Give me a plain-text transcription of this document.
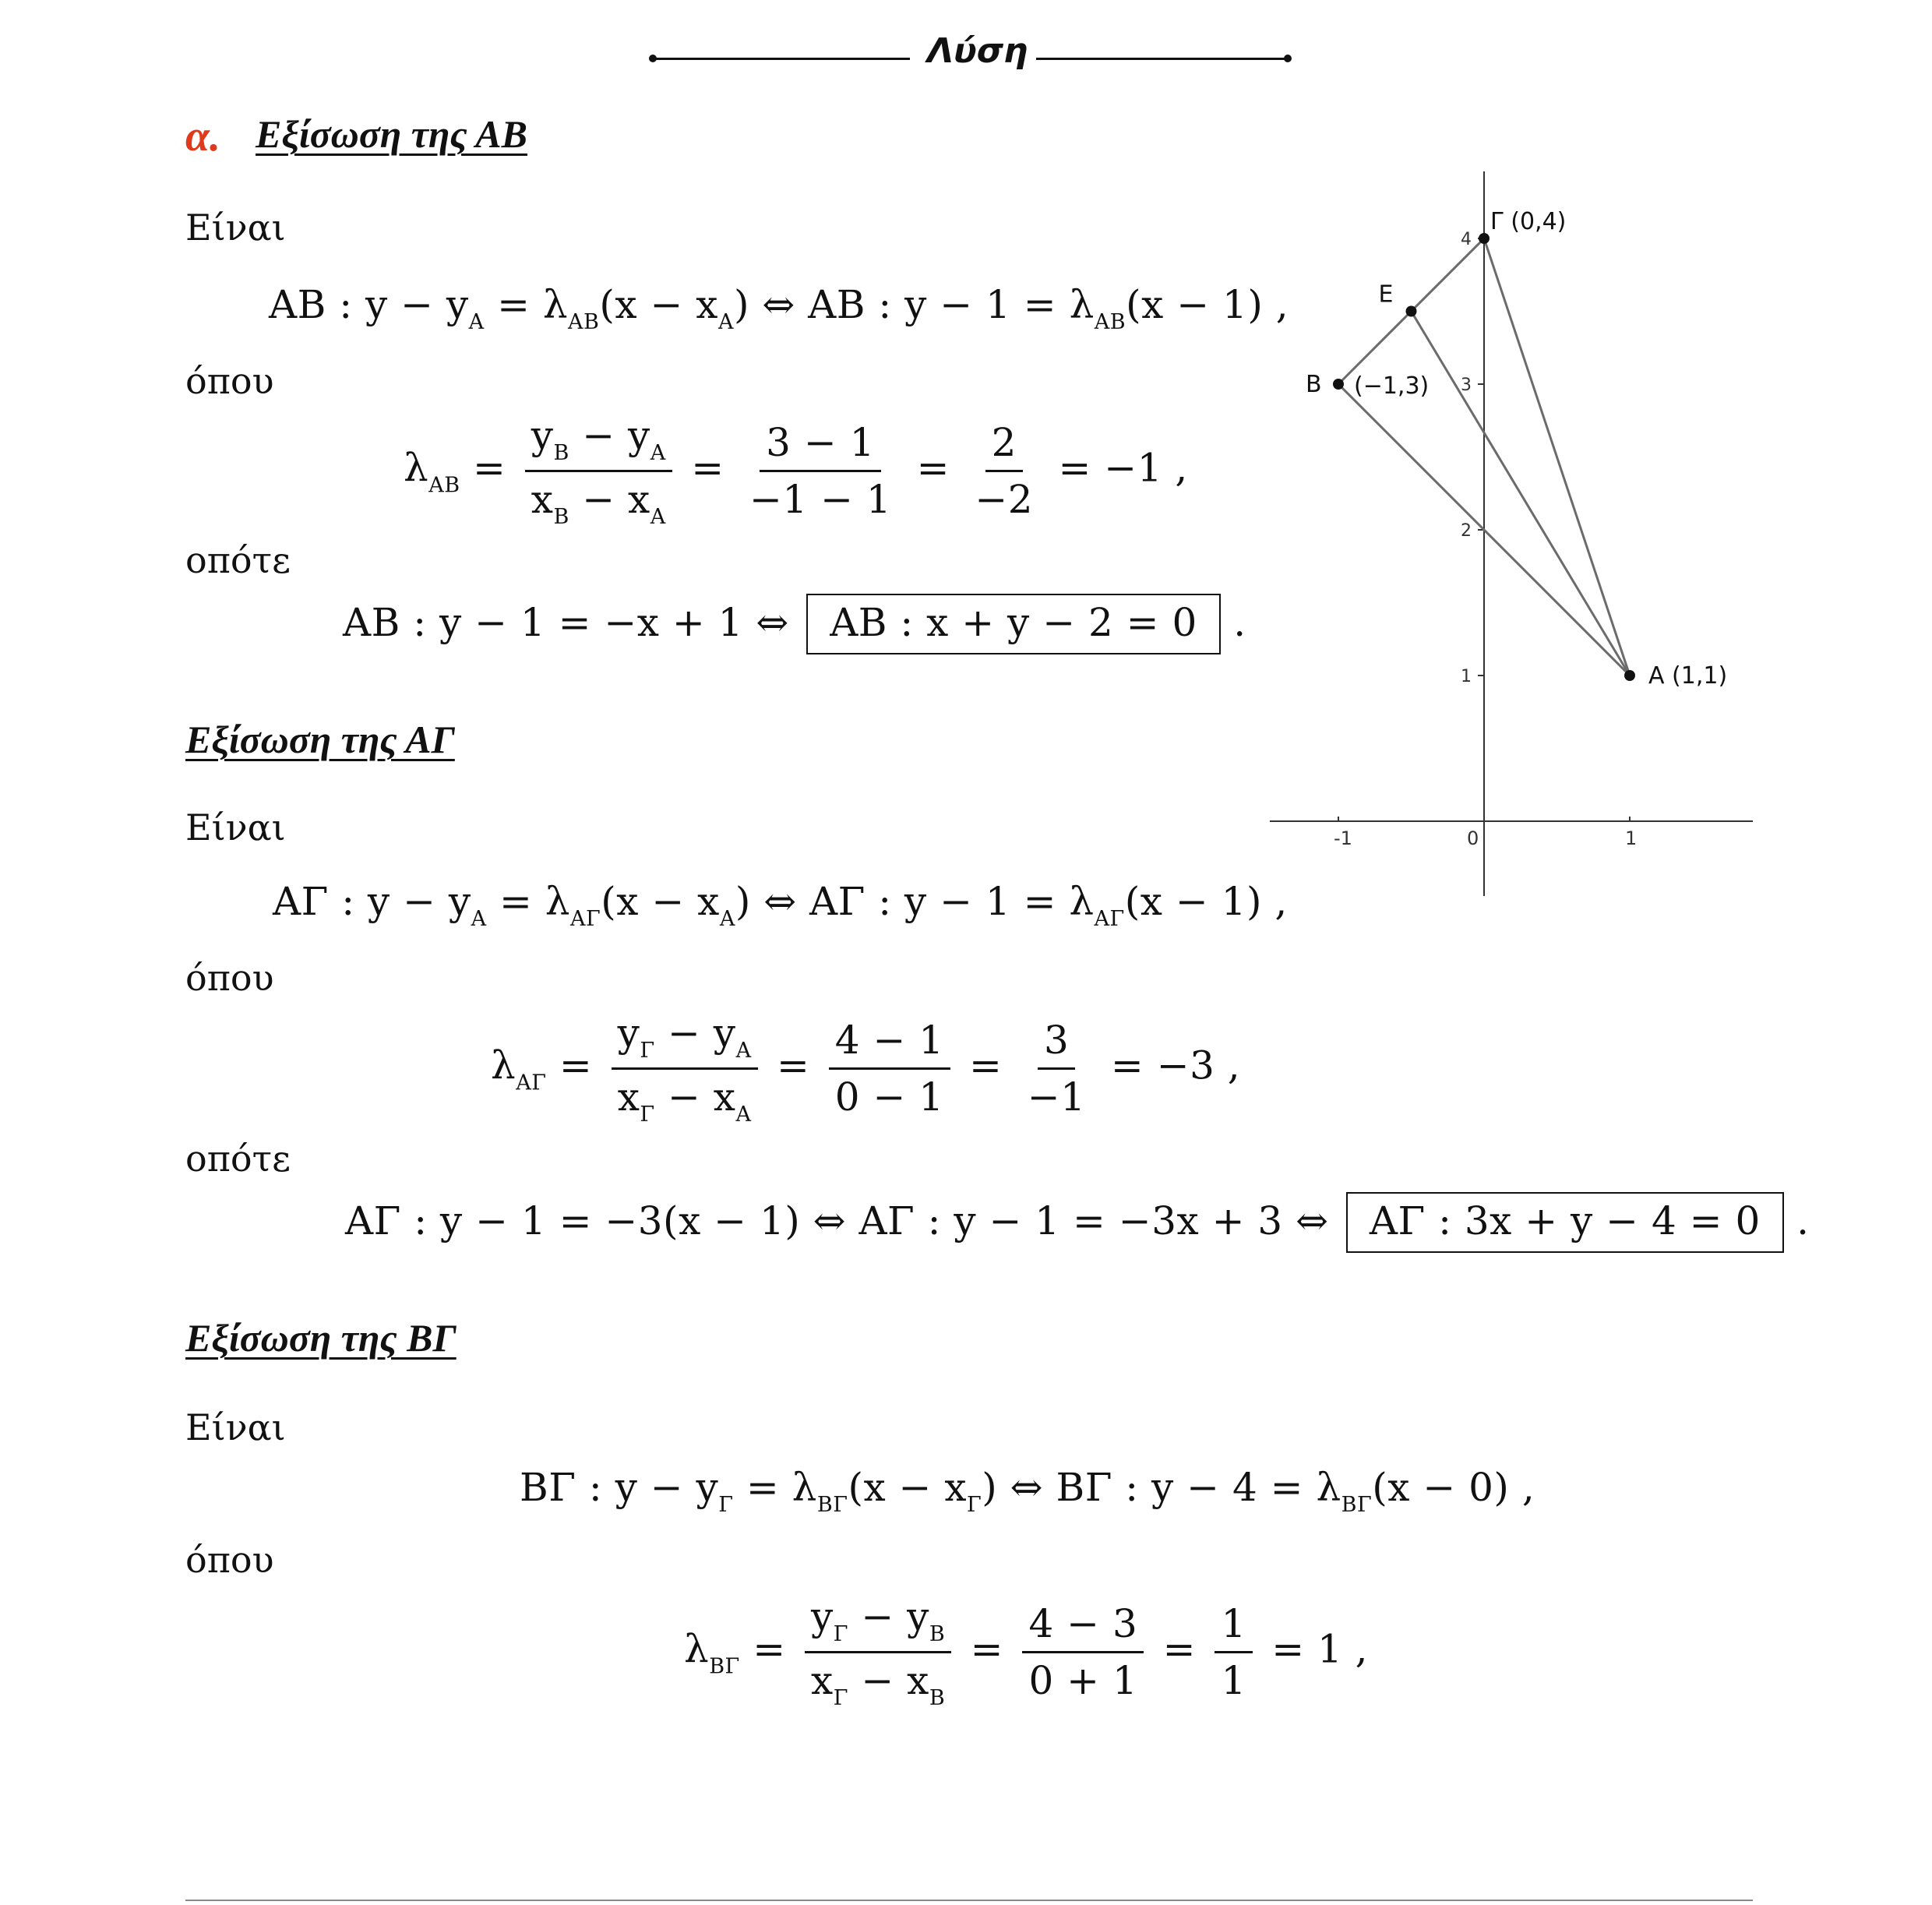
Λύση
α. Εξίσωση της ΑΒ
Είναι
ΑΒ : $y - y_A = \lambda_{AB}(x - x_A)$ ⇔ ΑΒ : $y - 1 = \lambda_{AB}(x - 1)$ ,
όπου
$\lambda_{AB} = \frac{y_B - y_A}{x_B - x_A} = \frac{3 - 1}{-1 - 1} = \frac{2}{-2} = -1$ ,
οπότε
ΑΒ : y − 1 = −x + 1 ⇔ ΑΒ : x + y − 2 = 0 .
Εξίσωση της ΑΓ
Είναι
ΑΓ : $y - y_A = \lambda_{A\Gamma}(x - x_A)$ ⇔ ΑΓ : $y - 1 = \lambda_{A\Gamma}(x - 1)$ ,
όπου
$\lambda_{A\Gamma} = \frac{y_\Gamma - y_A}{x_\Gamma - x_A} = \frac{4 - 1}{0 - 1} = \frac{3}{-1} = -3$ ,
οπότε
ΑΓ : y − 1 = −3(x − 1) ⇔ ΑΓ : y − 1 = −3x + 3 ⇔ ΑΓ : 3x + y − 4 = 0 .
Εξίσωση της ΒΓ
Είναι
ΒΓ : $y - y_\Gamma = \lambda_{B\Gamma}(x - x_\Gamma)$ ⇔ ΒΓ : $y - 4 = \lambda_{B\Gamma}(x - 0)$ ,
όπου
$\lambda_{B\Gamma} = \frac{y_\Gamma - y_B}{x_\Gamma - x_B} = \frac{4 - 3}{0 + 1} = \frac{1}{1} = 1$ ,
-1	0	1
1
2
3
4
Γ (0,4)
E
B (−1,3)
A (1,1)
